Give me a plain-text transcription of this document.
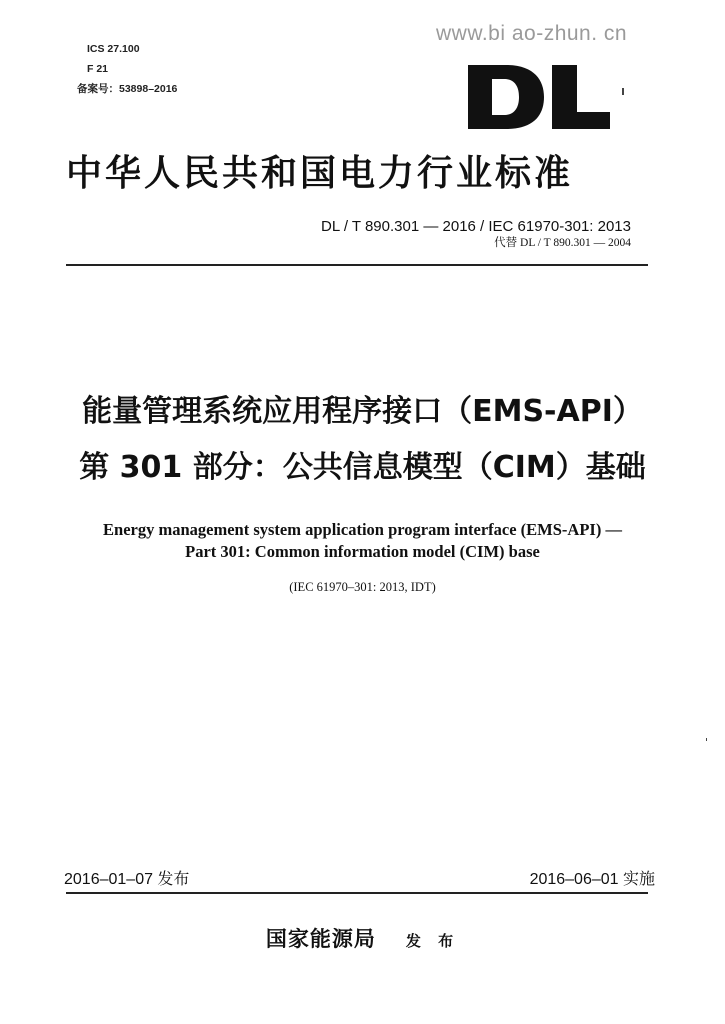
www.bi ao-zhun. cn
ICS 27.100
F 21
备案号：53898–2016
中华人民共和国电力行业标准
DL / T 890.301 — 2016 / IEC 61970-301: 2013
代替 DL / T 890.301 — 2004
能量管理系统应用程序接口（EMS-API）
第 301 部分：公共信息模型（CIM）基础
Energy management system application program interface (EMS-API) —
Part 301: Common information model (CIM) base
(IEC 61970–301: 2013, IDT)
2016–01–07 发布	2016–06–01 实施
国家能源局 发 布
